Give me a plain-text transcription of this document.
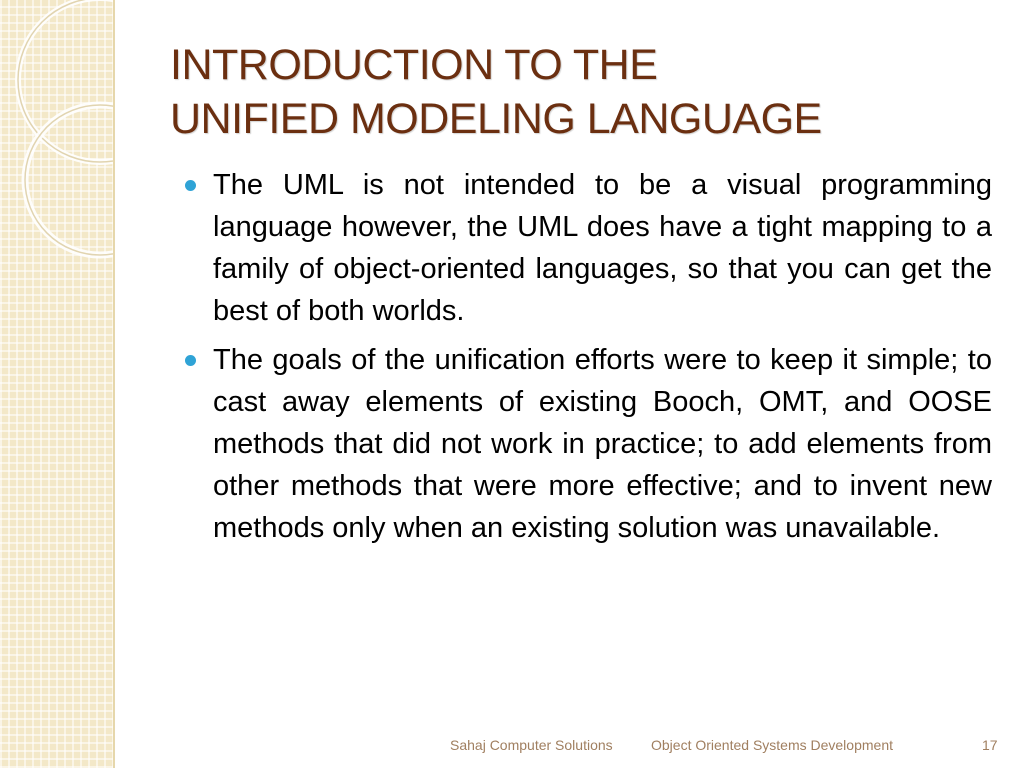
INTRODUCTION TO THE
UNIFIED MODELING LANGUAGE
The UML is not intended to be a visual programming language however, the UML does have a tight mapping to a family of object-oriented languages, so that you can get the best of both worlds.
The goals of the unification efforts were to keep it simple; to cast away elements of existing Booch, OMT, and OOSE methods that did not work in practice; to add elements from other methods that were more effective; and to invent new methods only when an existing solution was unavailable.
Sahaj Computer Solutions	Object Oriented Systems Development	17
